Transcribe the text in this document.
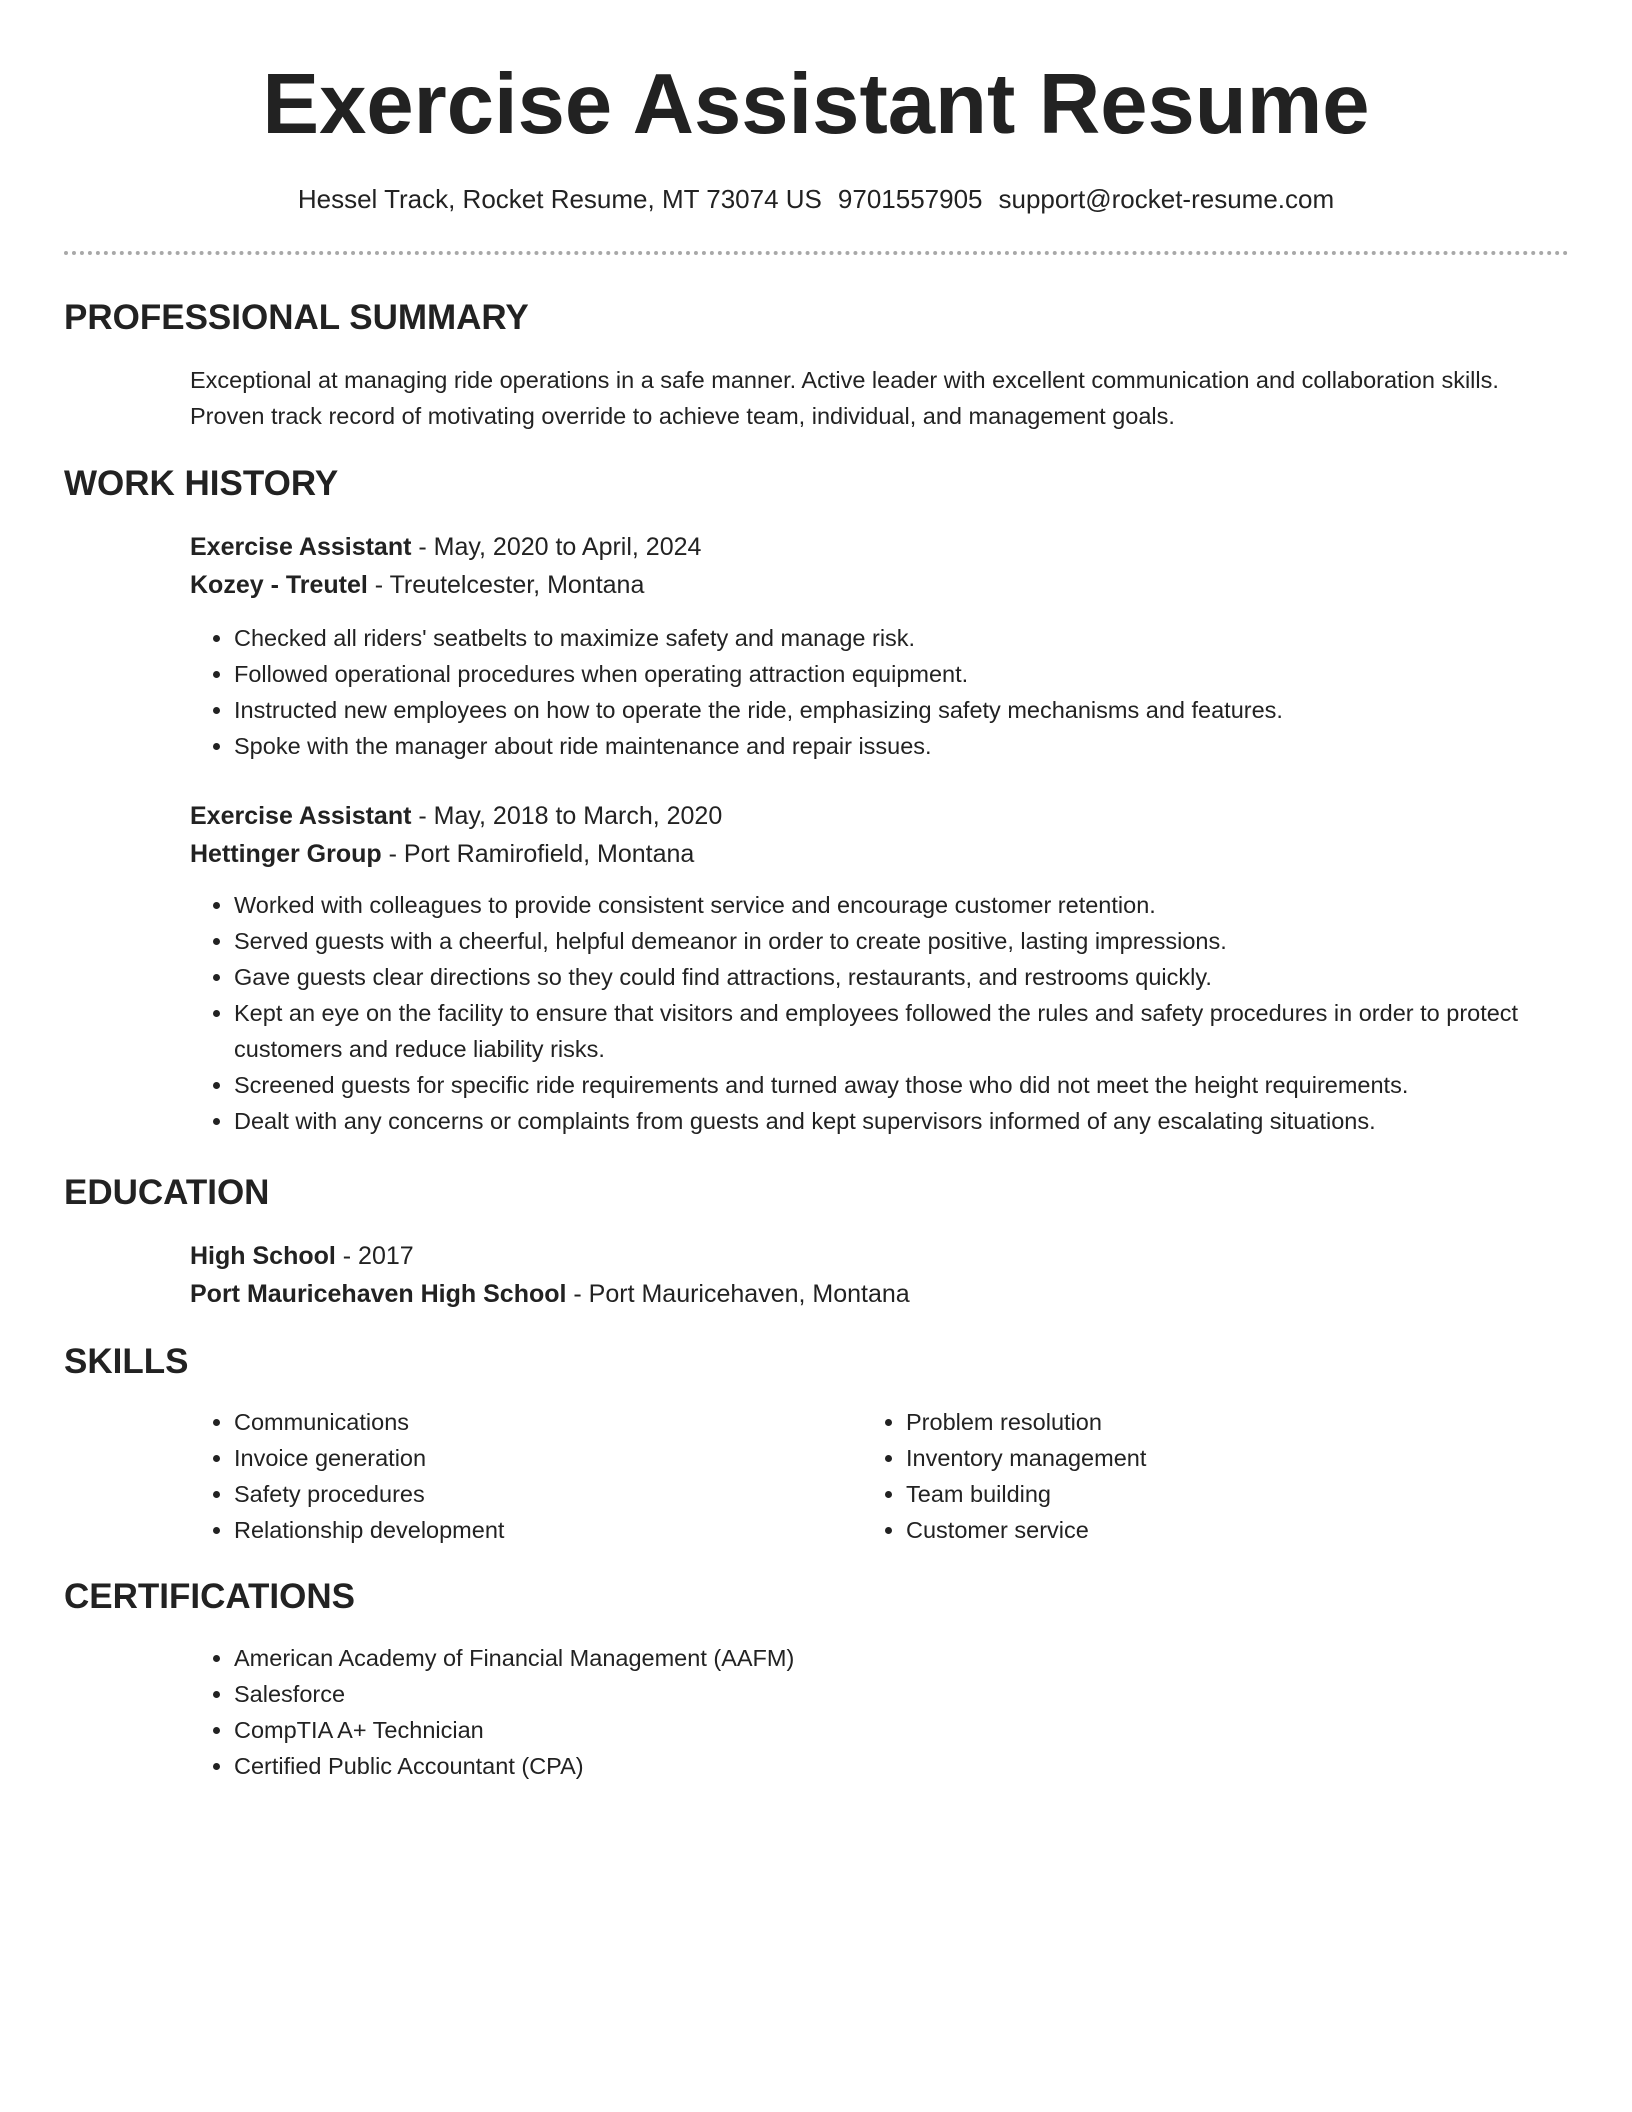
Exercise Assistant Resume
Hessel Track, Rocket Resume, MT 73074 US 9701557905 support@rocket-resume.com
PROFESSIONAL SUMMARY

Exceptional at managing ride operations in a safe manner. Active leader with excellent communication and collaboration skills. Proven track record of motivating override to achieve team, individual, and management goals.

WORK HISTORY

Exercise Assistant - May, 2020 to April, 2024

Kozey - Treutel - Treutelcester, Montana

• Checked all riders' seatbelts to maximize safety and manage risk.
• Followed operational procedures when operating attraction equipment.
• Instructed new employees on how to operate the ride, emphasizing safety mechanisms and features.
• Spoke with the manager about ride maintenance and repair issues.

Exercise Assistant - May, 2018 to March, 2020

Hettinger Group - Port Ramirofield, Montana

• Worked with colleagues to provide consistent service and encourage customer retention.
• Served guests with a cheerful, helpful demeanor in order to create positive, lasting impressions.
• Gave guests clear directions so they could find attractions, restaurants, and restrooms quickly.
• Kept an eye on the facility to ensure that visitors and employees followed the rules and safety procedures in order to protect customers and reduce liability risks.
• Screened guests for specific ride requirements and turned away those who did not meet the height requirements.
• Dealt with any concerns or complaints from guests and kept supervisors informed of any escalating situations.
EDUCATION

High School - 2017

Port Mauricehaven High School - Port Mauricehaven, Montana

SKILLS
• Communications
• Invoice generation
• Safety procedures
• Relationship development
• Problem resolution
• Inventory management
• Team building
• Customer service
CERTIFICATIONS
• American Academy of Financial Management (AAFM)
• Salesforce
• CompTIA A+ Technician
• Certified Public Accountant (CPA)
